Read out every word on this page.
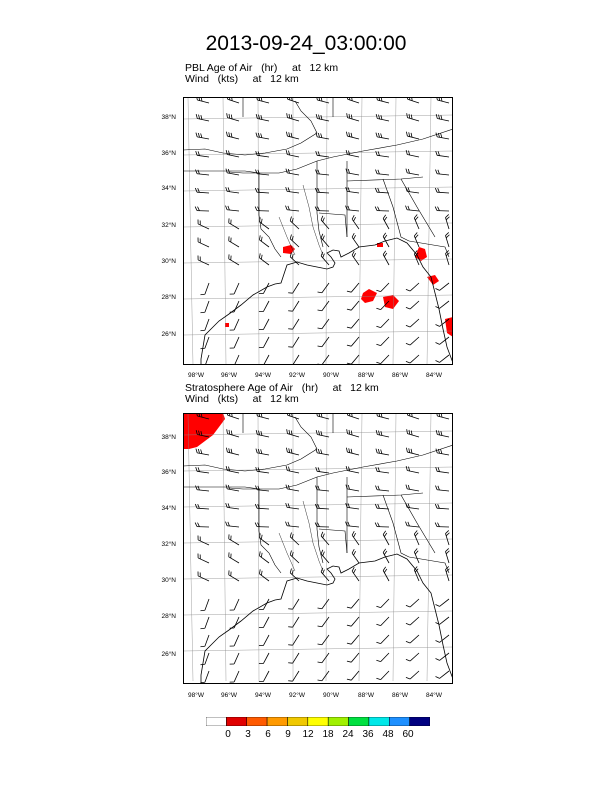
2013-09-24_03:00:00
PBL Age of Air   (hr)     at   12 km
Wind   (kts)     at   12 km
Stratosphere Age of Air   (hr)     at   12 km
Wind   (kts)     at   12 km
38°N
36°N
34°N
32°N
30°N
28°N
26°N
98°W	96°W	94°W	92°W	90°W	88°W	86°W	84°W
38°N
36°N
34°N
32°N
30°N
28°N
26°N
98°W	96°W	94°W	92°W	90°W	88°W	86°W	84°W
0	3	6	9	12 18 24 36 48 60
